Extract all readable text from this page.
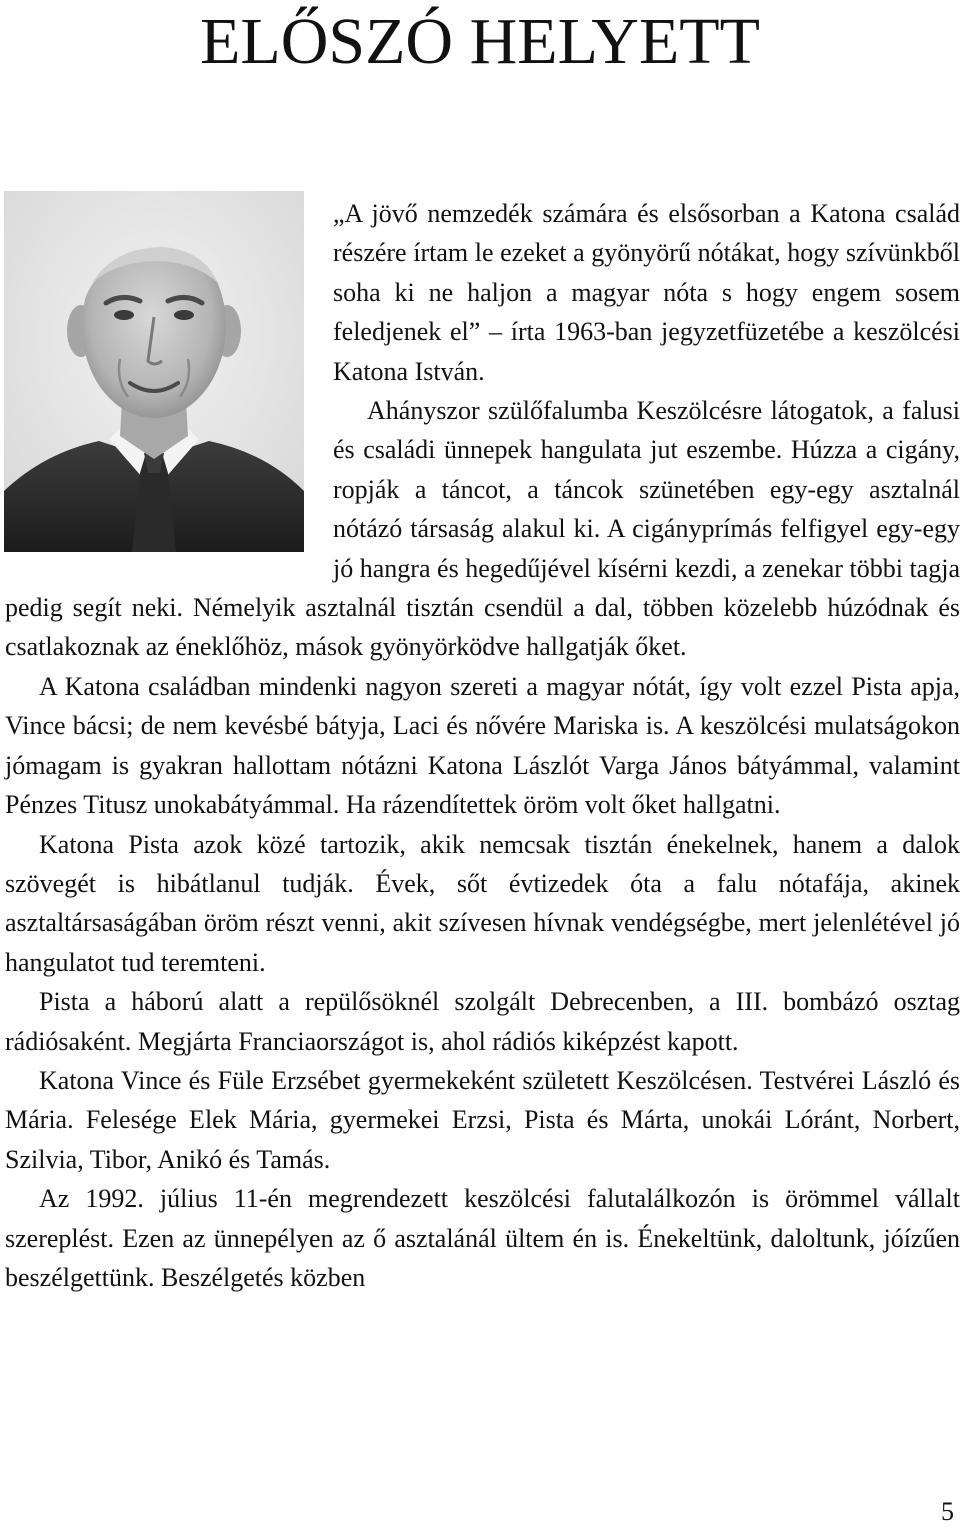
ELŐSZÓ HELYETT

„A jövő nemzedék számára és elsősorban a Katona család részére írtam le ezeket a gyönyörű nótákat, hogy szívünkből soha ki ne haljon a magyar nóta s hogy engem sosem feledjenek el” – írta 1963-ban jegyzetfüzetébe a keszölcési Katona István.

Ahányszor szülőfalumba Keszölcésre látogatok, a falusi és családi ünnepek hangulata jut eszembe. Húzza a cigány, ropják a táncot, a táncok szünetében egy-egy asztalnál nótázó társaság alakul ki. A cigányprímás felfigyel egy-egy jó hangra és hegedűjével kísérni kezdi, a zenekar többi tagja pedig segít neki. Némelyik asztalnál tisztán csendül a dal, többen közelebb húzódnak és csatlakoznak az éneklőhöz, mások gyönyörködve hallgatják őket.

A Katona családban mindenki nagyon szereti a magyar nótát, így volt ezzel Pista apja, Vince bácsi; de nem kevésbé bátyja, Laci és nővére Mariska is. A keszölcési mulatságokon jómagam is gyakran hallottam nótázni Katona Lászlót Varga János bátyámmal, valamint Pénzes Titusz unokabátyámmal. Ha rázendítettek öröm volt őket hallgatni.

Katona Pista azok közé tartozik, akik nemcsak tisztán énekelnek, hanem a dalok szövegét is hibátlanul tudják. Évek, sőt évtizedek óta a falu nótafája, akinek asztaltársaságában öröm részt venni, akit szívesen hívnak vendégségbe, mert jelenlétével jó hangulatot tud teremteni.

Pista a háború alatt a repülősöknél szolgált Debrecenben, a III. bombázó osztag rádiósaként. Megjárta Franciaországot is, ahol rádiós kiképzést kapott.

Katona Vince és Füle Erzsébet gyermekeként született Keszölcésen. Testvérei László és Mária. Felesége Elek Mária, gyermekei Erzsi, Pista és Márta, unokái Lóránt, Norbert, Szilvia, Tibor, Anikó és Tamás.

Az 1992. július 11-én megrendezett keszölcési falutalálkozón is örömmel vállalt szereplést. Ezen az ünnepélyen az ő asztalánál ültem én is. Énekeltünk, daloltunk, jóízűen beszélgettünk. Beszélgetés közben

5
